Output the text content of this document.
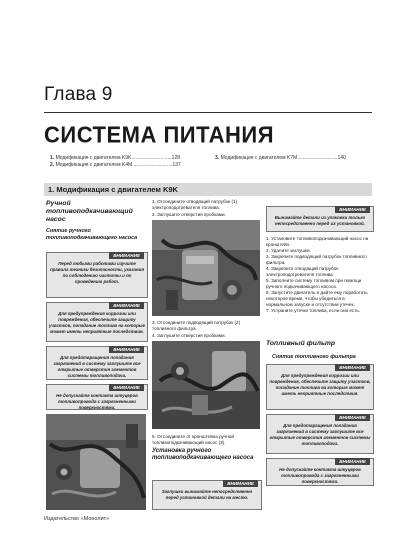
Глава 9
СИСТЕМА ПИТАНИЯ
1. Модификация с двигателем K9K.............................128
2. Модификация с двигателем K4M.............................137
3. Модификация с двигателем K7M.............................140
1. Модификация с двигателем K9K
Ручной топливоподкачивающий насос
Снятие ручного топливоподкачивающего насоса
ВНИМАНИЕ
Перед любыми работами изучите правила техники безопасности, указания по соблюдению чистоты и по проведению работ.
ВНИМАНИЕ
Для предупреждения коррозии или повреждения, обеспечьте защиту участков, попадание топлива на которые может иметь неприятные последствия.
ВНИМАНИЕ
Для предотвращения попадания загрязнений в систему заглушите все открытые отверстия элементов системы топливоподачи.
ВНИМАНИЕ
Не допускайте контакта штуцеров топливопровода с загрязненными поверхностями.
1. Отсоедините отводящий патрубок (1) электроподогревателя топлива.
2. Заглушите отверстия пробками.
3. Отсоедините подводящий патрубок (2) топливного фильтра.
4. Заглушите отверстия пробками.
5. Отсоедините от кронштейна ручной топливоподкачивающий насос (3).
Установка ручного топливоподкачивающего насоса
ВНИМАНИЕ
Заглушки вынимайте непосредственно перед установкой детали на место.
ВНИМАНИЕ
Вынимайте детали из упаковки только непосредственно перед их установкой.
1. Установите топливоподкачивающий насос на кронштейн.
2. Удалите заглушки.
3. Закрепите подводящий патрубок топливного фильтра.
4. Закрепите отводящий патрубок электроподогревателя топлива.
5. Заполните систему топливом при помощи ручного подкачивающего насоса.
6. Запустите двигатель и дайте ему поработать некоторое время, чтобы убедиться в нормальном запуске и отсутствии утечек.
7. Устраните утечки топлива, если они есть.
Топливный фильтр
Снятие топливного фильтра
ВНИМАНИЕ
Для предупреждения коррозии или повреждения, обеспечьте защиту участков, попадание топлива на которые может иметь неприятные последствия.
ВНИМАНИЕ
Для предотвращения попадания загрязнений в систему заглушите все открытые отверстия элементов системы топливоподачи.
ВНИМАНИЕ
Не допускайте контакта штуцеров топливопровода с загрязненными поверхностями.
Издательство «Монолит»
